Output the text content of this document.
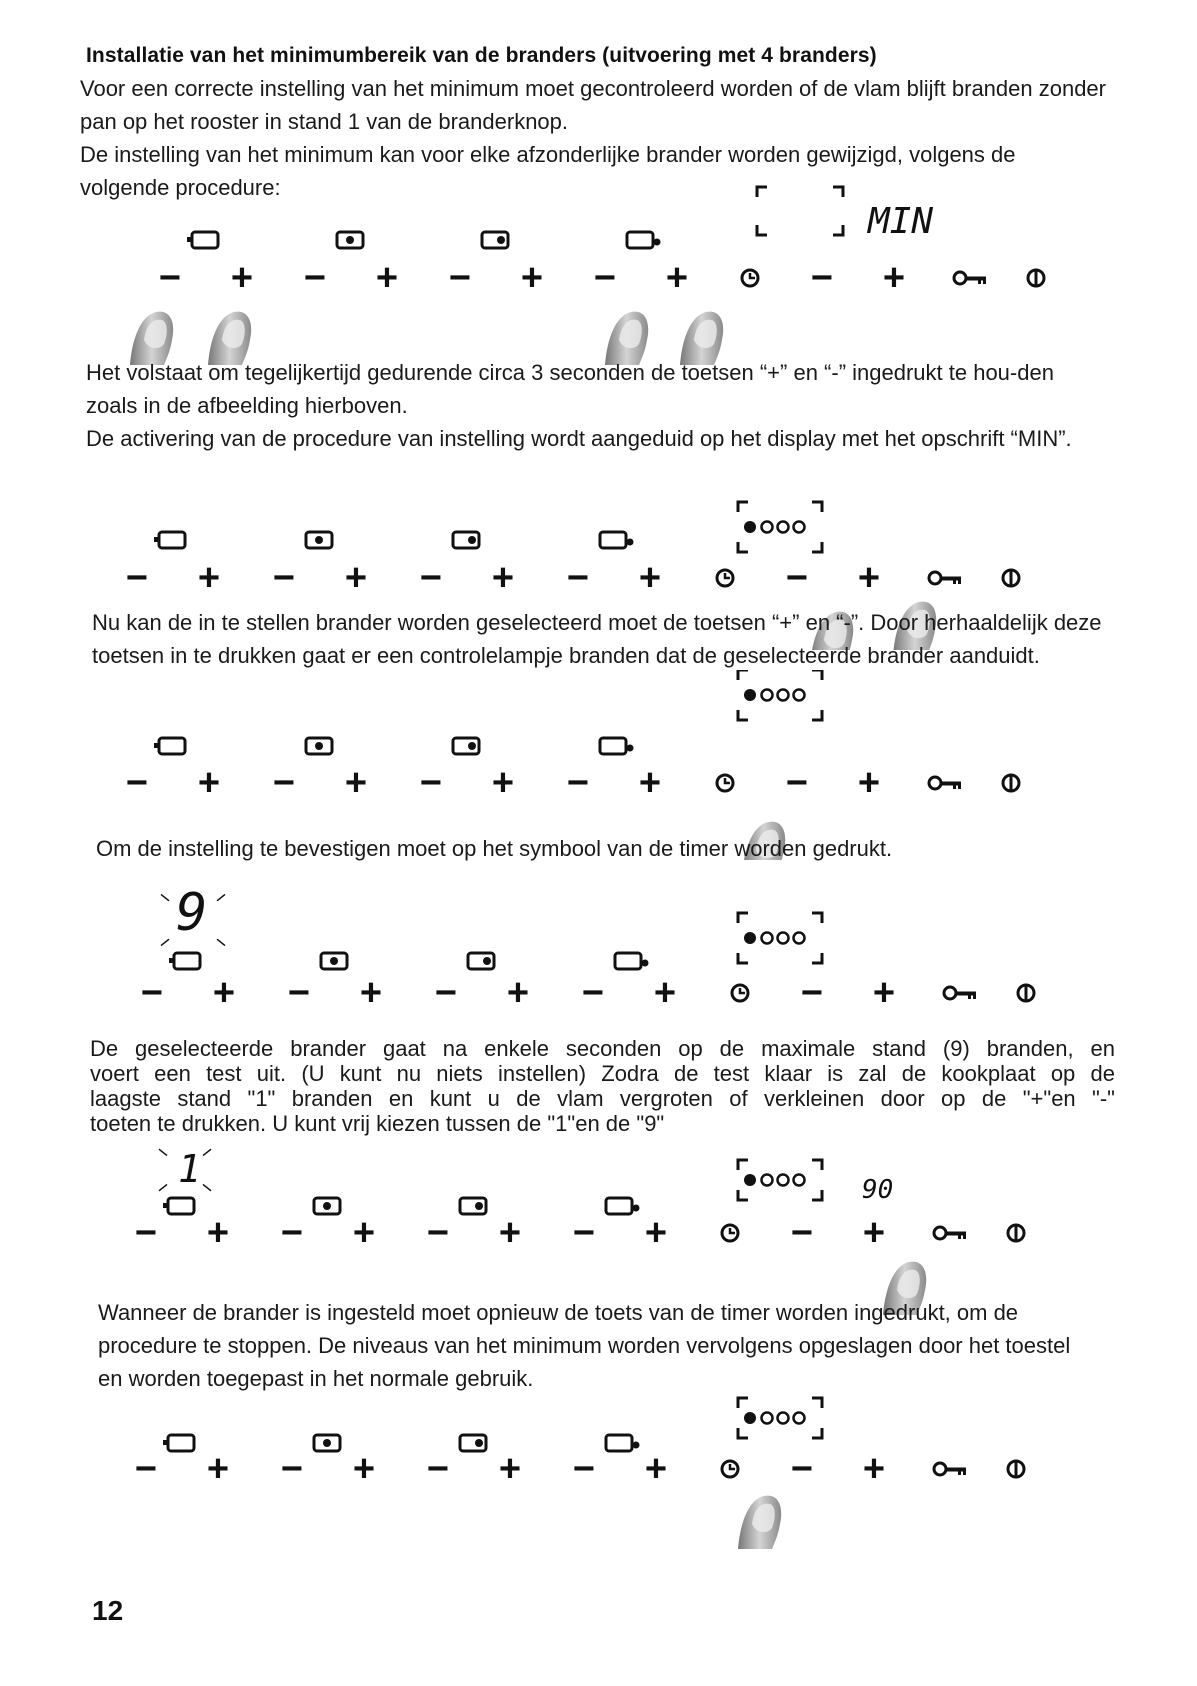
Installatie van het minimumbereik van de branders (uitvoering met 4 branders)
Voor een correcte instelling van het minimum moet gecontroleerd worden of de vlam blijft branden zonder
pan op het rooster in stand 1 van de branderknop.
De instelling van het minimum kan voor elke afzonderlijke brander worden gewijzigd, volgens de
volgende procedure:
− + − + − + − +	− +
MIN
Het volstaat om tegelijkertijd gedurende circa 3 seconden de toetsen “+” en “-” ingedrukt te hou-den
zoals in de afbeelding hierboven.
De activering van de procedure van instelling wordt aangeduid op het display met het opschrift “MIN”.
− + − + − + − +	− +
Nu kan de in te stellen brander worden geselecteerd moet de toetsen “+” en “-”. Door herhaaldelijk deze
toetsen in te drukken gaat er een controlelampje branden dat de geselecteerde brander aanduidt.
− + − + − + − +	− +
Om de instelling te bevestigen moet op het symbool van de timer worden gedrukt.
− + − + − + − +	− +
9
De geselecteerde brander gaat na enkele seconden op de maximale stand (9) branden, en
voert een test uit. (U kunt nu niets instellen) Zodra de test klaar is zal de kookplaat op de
laagste stand "1" branden en kunt u de vlam vergroten of verkleinen door op de "+"en "-"
toeten te drukken. U kunt vrij kiezen tussen de "1"en de "9"
− + − + − + − +	− +
90
1
Wanneer de brander is ingesteld moet opnieuw de toets van de timer worden ingedrukt, om de
procedure te stoppen. De niveaus van het minimum worden vervolgens opgeslagen door het toestel
en worden toegepast in het normale gebruik.
− + − + − + − +	− +
12
